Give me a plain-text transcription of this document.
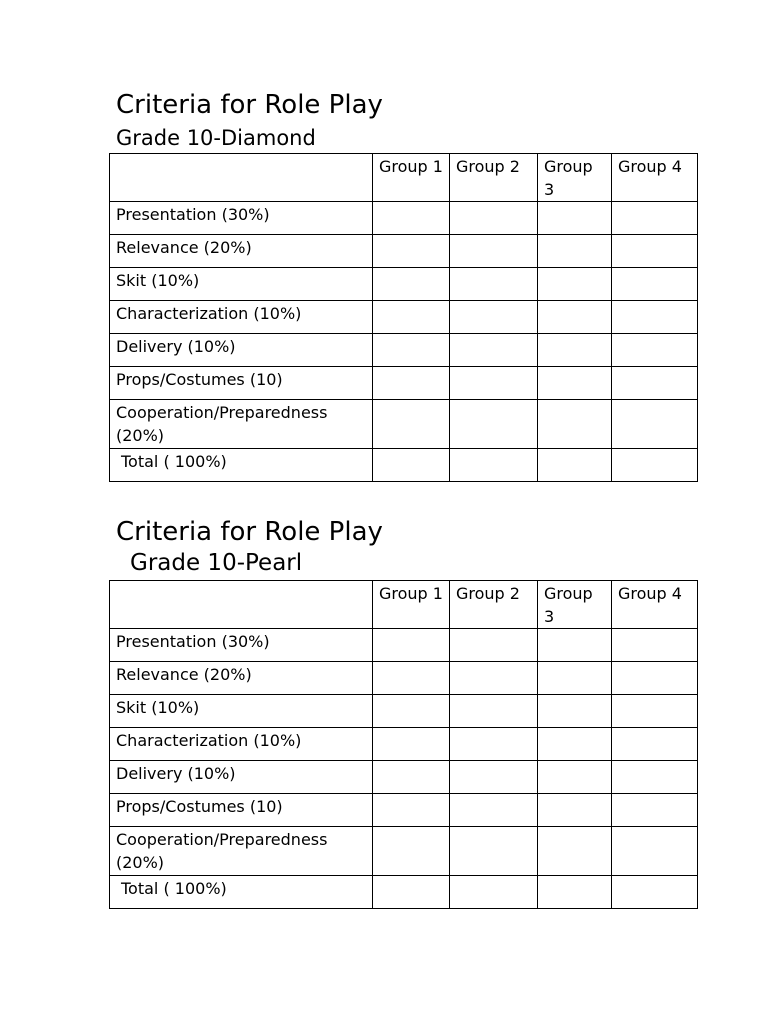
Criteria for Role Play
Grade 10-Diamond
	Group 1	Group 2	Group 3	Group 4
Presentation (30%)				
Relevance (20%)				
Skit (10%)				
Characterization (10%)				
Delivery (10%)				
Props/Costumes (10)				
Cooperation/Preparedness (20%)				
Total ( 100%)				
Criteria for Role Play
Grade 10-Pearl
	Group 1	Group 2	Group 3	Group 4
Presentation (30%)				
Relevance (20%)				
Skit (10%)				
Characterization (10%)				
Delivery (10%)				
Props/Costumes (10)				
Cooperation/Preparedness (20%)				
Total ( 100%)				
